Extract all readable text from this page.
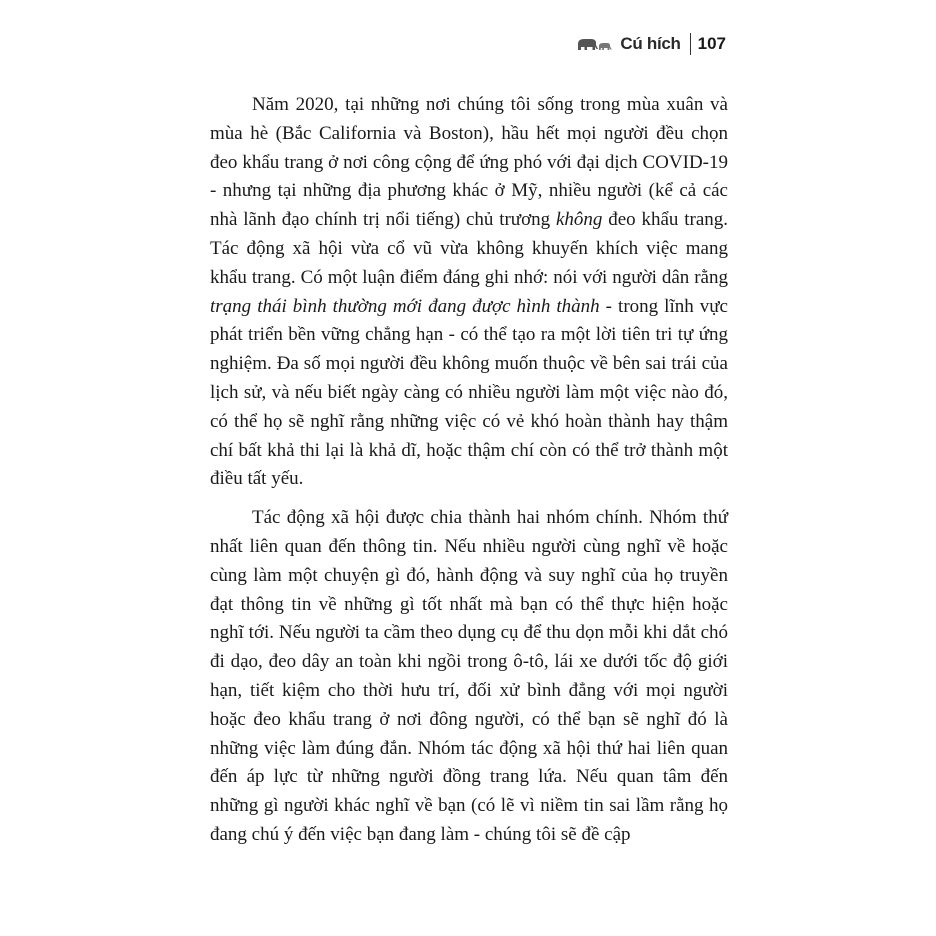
Cú hích 107

Năm 2020, tại những nơi chúng tôi sống trong mùa xuân và mùa hè (Bắc California và Boston), hầu hết mọi người đều chọn đeo khẩu trang ở nơi công cộng để ứng phó với đại dịch COVID-19 - nhưng tại những địa phương khác ở Mỹ, nhiều người (kể cả các nhà lãnh đạo chính trị nổi tiếng) chủ trương không đeo khẩu trang. Tác động xã hội vừa cổ vũ vừa không khuyến khích việc mang khẩu trang. Có một luận điểm đáng ghi nhớ: nói với người dân rằng trạng thái bình thường mới đang được hình thành - trong lĩnh vực phát triển bền vững chẳng hạn - có thể tạo ra một lời tiên tri tự ứng nghiệm. Đa số mọi người đều không muốn thuộc về bên sai trái của lịch sử, và nếu biết ngày càng có nhiều người làm một việc nào đó, có thể họ sẽ nghĩ rằng những việc có vẻ khó hoàn thành hay thậm chí bất khả thi lại là khả dĩ, hoặc thậm chí còn có thể trở thành một điều tất yếu.

Tác động xã hội được chia thành hai nhóm chính. Nhóm thứ nhất liên quan đến thông tin. Nếu nhiều người cùng nghĩ về hoặc cùng làm một chuyện gì đó, hành động và suy nghĩ của họ truyền đạt thông tin về những gì tốt nhất mà bạn có thể thực hiện hoặc nghĩ tới. Nếu người ta cầm theo dụng cụ để thu dọn mỗi khi dắt chó đi dạo, đeo dây an toàn khi ngồi trong ô-tô, lái xe dưới tốc độ giới hạn, tiết kiệm cho thời hưu trí, đối xử bình đẳng với mọi người hoặc đeo khẩu trang ở nơi đông người, có thể bạn sẽ nghĩ đó là những việc làm đúng đắn. Nhóm tác động xã hội thứ hai liên quan đến áp lực từ những người đồng trang lứa. Nếu quan tâm đến những gì người khác nghĩ về bạn (có lẽ vì niềm tin sai lầm rằng họ đang chú ý đến việc bạn đang làm - chúng tôi sẽ đề cập
